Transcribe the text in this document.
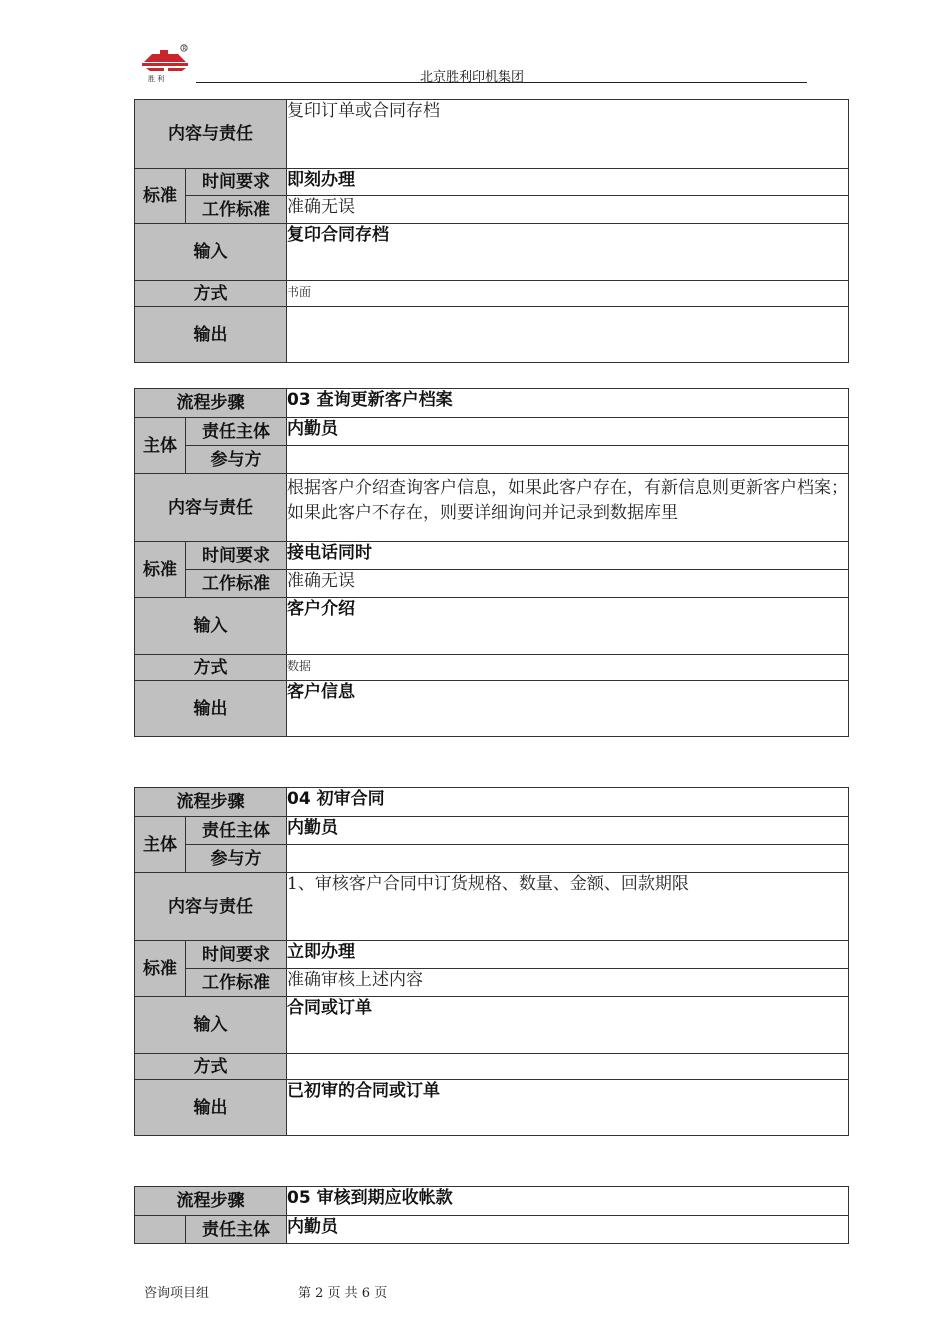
R
胜 利	北京胜利印机集团
内容与责任		复印订单或合同存档
标准	时间要求	即刻办理
	工作标准	准确无误
输入		复印合同存档
方式		书面
输出		
流程步骤		03 查询更新客户档案
主体	责任主体	内勤员
	参与方	
内容与责任		根据客户介绍查询客户信息，如果此客户存在，有新信息则更新客户档案；如果此客户不存在，则要详细询问并记录到数据库里
标准	时间要求	接电话同时
	工作标准	准确无误
输入		客户介绍
方式		数据
输出		客户信息
流程步骤		04 初审合同
主体	责任主体	内勤员
	参与方	
内容与责任		1、审核客户合同中订货规格、数量、金额、回款期限
标准	时间要求	立即办理
	工作标准	准确审核上述内容
输入		合同或订单
方式		
输出		已初审的合同或订单
流程步骤		05 审核到期应收帐款
	责任主体	内勤员
咨询项目组	第 2 页 共 6 页
